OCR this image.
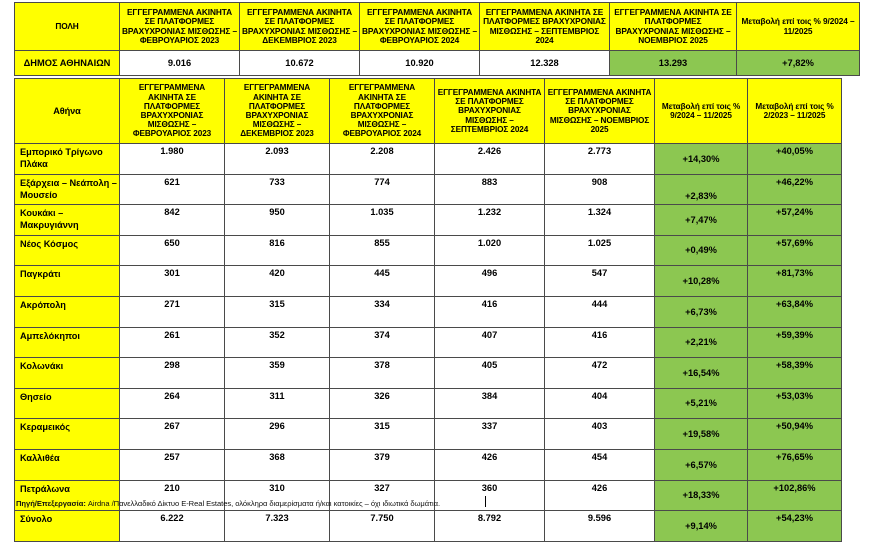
ΠΟΛΗ	ΕΓΓΕΓΡΑΜΜΕΝΑ ΑΚΙΝΗΤΑ ΣΕ ΠΛΑΤΦΟΡΜΕΣ ΒΡΑΧΥΧΡΟΝΙΑΣ ΜΙΣΘΩΣΗΣ – ΦΕΒΡΟΥΑΡΙΟΣ 2023	ΕΓΓΕΓΡΑΜΜΕΝΑ ΑΚΙΝΗΤΑ ΣΕ ΠΛΑΤΦΟΡΜΕΣ ΒΡΑΧΥΧΡΟΝΙΑΣ ΜΙΣΘΩΣΗΣ – ΔΕΚΕΜΒΡΙΟΣ 2023	ΕΓΓΕΓΡΑΜΜΕΝΑ ΑΚΙΝΗΤΑ ΣΕ ΠΛΑΤΦΟΡΜΕΣ ΒΡΑΧΥΧΡΟΝΙΑΣ ΜΙΣΘΩΣΗΣ – ΦΕΒΡΟΥΑΡΙΟΣ 2024	ΕΓΓΕΓΡΑΜΜΕΝΑ ΑΚΙΝΗΤΑ ΣΕ ΠΛΑΤΦΟΡΜΕΣ ΒΡΑΧΥΧΡΟΝΙΑΣ ΜΙΣΘΩΣΗΣ – ΣΕΠΤΕΜΒΡΙΟΣ 2024	ΕΓΓΕΓΡΑΜΜΕΝΑ ΑΚΙΝΗΤΑ ΣΕ ΠΛΑΤΦΟΡΜΕΣ ΒΡΑΧΥΧΡΟΝΙΑΣ ΜΙΣΘΩΣΗΣ – ΝΟΕΜΒΡΙΟΣ 2025	Μεταβολή επί τοις % 9/2024 – 11/2025
ΔΗΜΟΣ ΑΘΗΝΑΙΩΝ	9.016	10.672	10.920	12.328	13.293	+7,82%
Αθήνα	ΕΓΓΕΓΡΑΜΜΕΝΑ ΑΚΙΝΗΤΑ ΣΕ ΠΛΑΤΦΟΡΜΕΣ ΒΡΑΧΥΧΡΟΝΙΑΣ ΜΙΣΘΩΣΗΣ – ΦΕΒΡΟΥΑΡΙΟΣ 2023	ΕΓΓΕΓΡΑΜΜΕΝΑ ΑΚΙΝΗΤΑ ΣΕ ΠΛΑΤΦΟΡΜΕΣ ΒΡΑΧΥΧΡΟΝΙΑΣ ΜΙΣΘΩΣΗΣ – ΔΕΚΕΜΒΡΙΟΣ 2023	ΕΓΓΕΓΡΑΜΜΕΝΑ ΑΚΙΝΗΤΑ ΣΕ ΠΛΑΤΦΟΡΜΕΣ ΒΡΑΧΥΧΡΟΝΙΑΣ ΜΙΣΘΩΣΗΣ – ΦΕΒΡΟΥΑΡΙΟΣ 2024	ΕΓΓΕΓΡΑΜΜΕΝΑ ΑΚΙΝΗΤΑ ΣΕ ΠΛΑΤΦΟΡΜΕΣ ΒΡΑΧΥΧΡΟΝΙΑΣ ΜΙΣΘΩΣΗΣ – ΣΕΠΤΕΜΒΡΙΟΣ 2024	ΕΓΓΕΓΡΑΜΜΕΝΑ ΑΚΙΝΗΤΑ ΣΕ ΠΛΑΤΦΟΡΜΕΣ ΒΡΑΧΥΧΡΟΝΙΑΣ ΜΙΣΘΩΣΗΣ – ΝΟΕΜΒΡΙΟΣ 2025	Μεταβολή επί τοις % 9/2024 – 11/2025	Μεταβολή επί τοις % 2/2023 – 11/2025
Εμπορικό Τρίγωνο Πλάκα	1.980	2.093	2.208	2.426	2.773	+14,30%	+40,05%
Εξάρχεια – Νεάπολη – Μουσείο	621	733	774	883	908	+2,83%	+46,22%
Κουκάκι – Μακρυγιάννη	842	950	1.035	1.232	1.324	+7,47%	+57,24%
Νέος Κόσμος	650	816	855	1.020	1.025	+0,49%	+57,69%
Παγκράτι	301	420	445	496	547	+10,28%	+81,73%
Ακρόπολη	271	315	334	416	444	+6,73%	+63,84%
Αμπελόκηποι	261	352	374	407	416	+2,21%	+59,39%
Κολωνάκι	298	359	378	405	472	+16,54%	+58,39%
Θησείο	264	311	326	384	404	+5,21%	+53,03%
Κεραμεικός	267	296	315	337	403	+19,58%	+50,94%
Καλλιθέα	257	368	379	426	454	+6,57%	+76,65%
Πετράλωνα	210	310	327	360	426	+18,33%	+102,86%
Σύνολο	6.222	7.323	7.750	8.792	9.596	+9,14%	+54,23%
Πηγή/Επεξεργασία: Airdna /Πανελλαδικό Δίκτυο E-Real Estates, ολόκληρα διαμερίσματα ή/και κατοικίες – όχι ιδιωτικά δωμάτια.
